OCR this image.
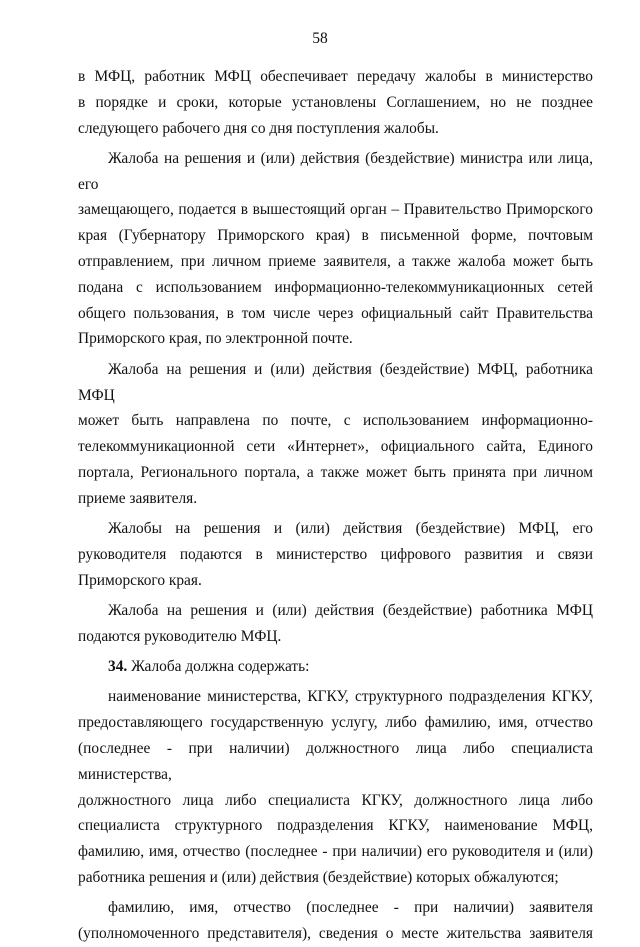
58
в МФЦ, работник МФЦ обеспечивает передачу жалобы в министерство
в порядке и сроки, которые установлены Соглашением, но не позднее
следующего рабочего дня со дня поступления жалобы.
Жалоба на решения и (или) действия (бездействие) министра или лица, его
замещающего, подается в вышестоящий орган – Правительство Приморского
края (Губернатору Приморского края) в письменной форме, почтовым
отправлением, при личном приеме заявителя, а также жалоба может быть
подана с использованием информационно-телекоммуникационных сетей
общего пользования, в том числе через официальный сайт Правительства
Приморского края, по электронной почте.
Жалоба на решения и (или) действия (бездействие) МФЦ, работника МФЦ
может быть направлена по почте, с использованием информационно-
телекоммуникационной сети «Интернет», официального сайта, Единого
портала, Регионального портала, а также может быть принята при личном
приеме заявителя.
Жалобы на решения и (или) действия (бездействие) МФЦ, его
руководителя подаются в министерство цифрового развития и связи
Приморского края.
Жалоба на решения и (или) действия (бездействие) работника МФЦ
подаются руководителю МФЦ.
34. Жалоба должна содержать:
наименование министерства, КГКУ, структурного подразделения КГКУ,
предоставляющего государственную услугу, либо фамилию, имя, отчество
(последнее - при наличии) должностного лица либо специалиста министерства,
должностного лица либо специалиста КГКУ, должностного лица либо
специалиста структурного подразделения КГКУ, наименование МФЦ,
фамилию, имя, отчество (последнее - при наличии) его руководителя и (или)
работника решения и (или) действия (бездействие) которых обжалуются;
фамилию, имя, отчество (последнее - при наличии) заявителя
(уполномоченного представителя), сведения о месте жительства заявителя
